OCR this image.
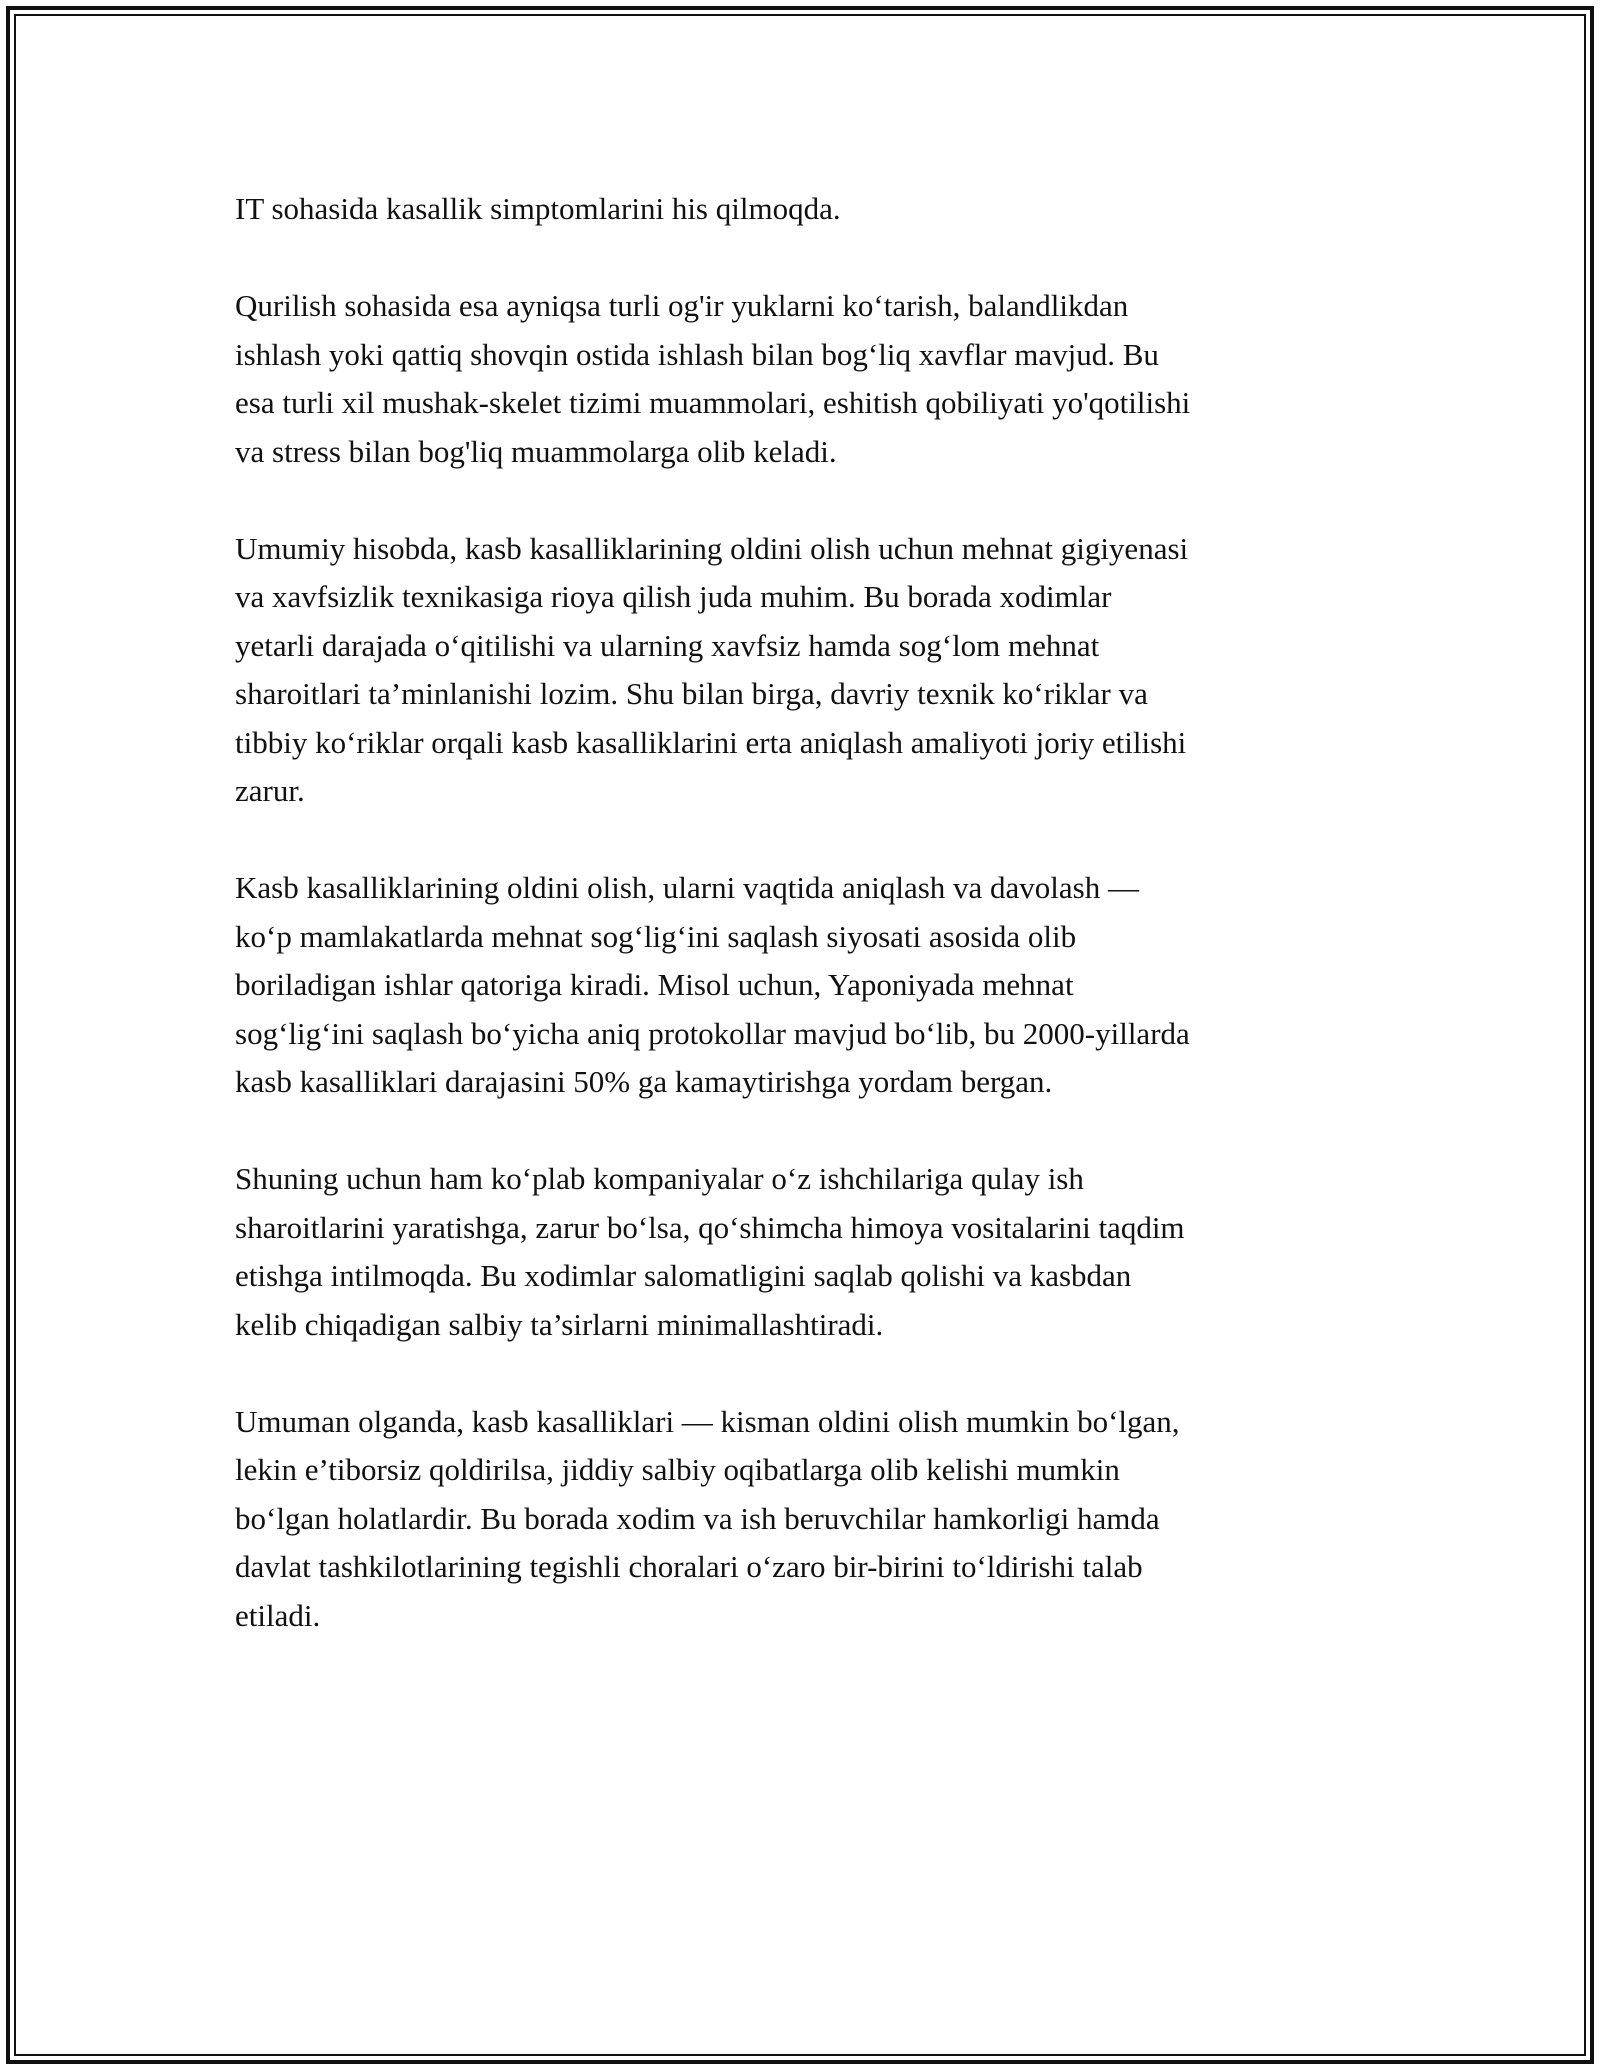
IT sohasida kasallik simptomlarini his qilmoqda.

Qurilish sohasida esa ayniqsa turli og'ir yuklarni ko‘tarish, balandlikdan
ishlash yoki qattiq shovqin ostida ishlash bilan bog‘liq xavflar mavjud. Bu
esa turli xil mushak-skelet tizimi muammolari, eshitish qobiliyati yo'qotilishi
va stress bilan bog'liq muammolarga olib keladi.

Umumiy hisobda, kasb kasalliklarining oldini olish uchun mehnat gigiyenasi
va xavfsizlik texnikasiga rioya qilish juda muhim. Bu borada xodimlar
yetarli darajada o‘qitilishi va ularning xavfsiz hamda sog‘lom mehnat
sharoitlari ta’minlanishi lozim. Shu bilan birga, davriy texnik ko‘riklar va
tibbiy ko‘riklar orqali kasb kasalliklarini erta aniqlash amaliyoti joriy etilishi
zarur.

Kasb kasalliklarining oldini olish, ularni vaqtida aniqlash va davolash —
ko‘p mamlakatlarda mehnat sog‘lig‘ini saqlash siyosati asosida olib
boriladigan ishlar qatoriga kiradi. Misol uchun, Yaponiyada mehnat
sog‘lig‘ini saqlash bo‘yicha aniq protokollar mavjud bo‘lib, bu 2000-yillarda
kasb kasalliklari darajasini 50% ga kamaytirishga yordam bergan.

Shuning uchun ham ko‘plab kompaniyalar o‘z ishchilariga qulay ish
sharoitlarini yaratishga, zarur bo‘lsa, qo‘shimcha himoya vositalarini taqdim
etishga intilmoqda. Bu xodimlar salomatligini saqlab qolishi va kasbdan
kelib chiqadigan salbiy ta’sirlarni minimallashtiradi.

Umuman olganda, kasb kasalliklari — kisman oldini olish mumkin bo‘lgan,
lekin e’tiborsiz qoldirilsa, jiddiy salbiy oqibatlarga olib kelishi mumkin
bo‘lgan holatlardir. Bu borada xodim va ish beruvchilar hamkorligi hamda
davlat tashkilotlarining tegishli choralari o‘zaro bir-birini to‘ldirishi talab
etiladi.
